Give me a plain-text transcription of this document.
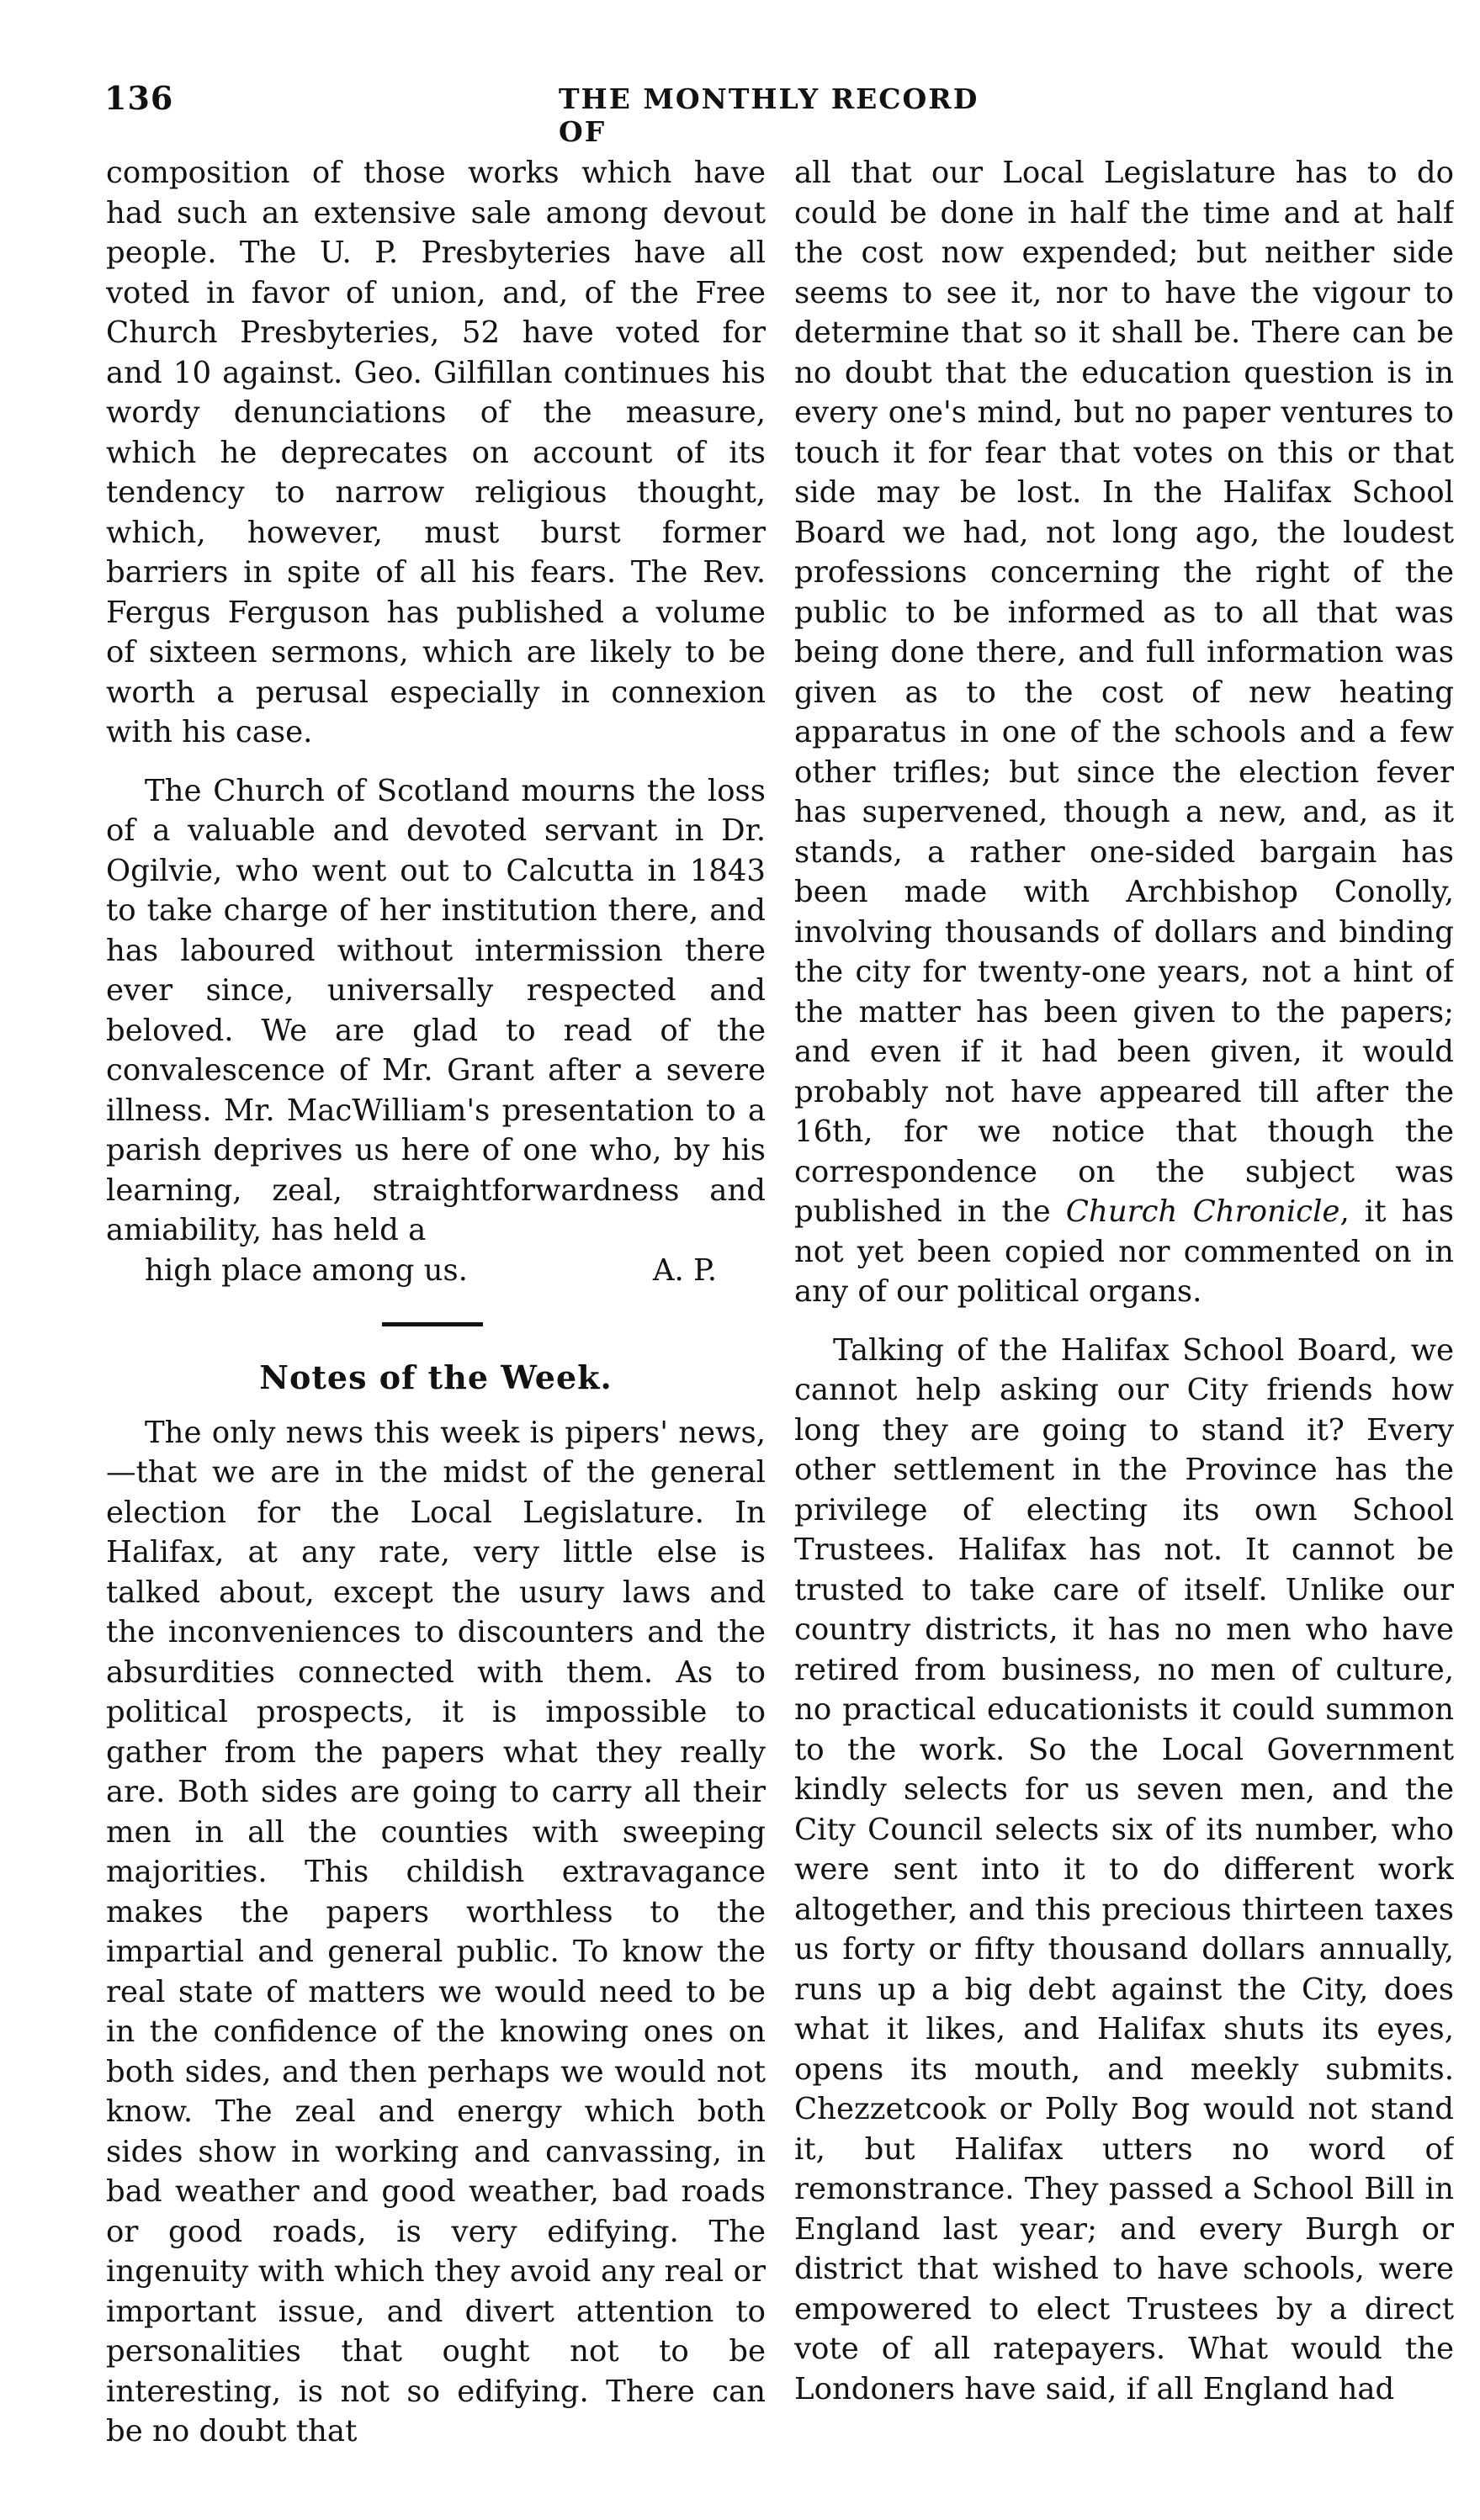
136	THE MONTHLY RECORD OF

composition of those works which have had such an extensive sale among devout people. The U. P. Presbyteries have all voted in favor of union, and, of the Free Church Presbyteries, 52 have voted for and 10 against. Geo. Gilfillan continues his wordy denunciations of the measure, which he deprecates on account of its tendency to narrow religious thought, which, however, must burst former barriers in spite of all his fears. The Rev. Fergus Ferguson has published a volume of sixteen sermons, which are likely to be worth a perusal especially in connexion with his case.

The Church of Scotland mourns the loss of a valuable and devoted servant in Dr. Ogilvie, who went out to Calcutta in 1843 to take charge of her institution there, and has laboured without intermission there ever since, universally respected and beloved. We are glad to read of the convalescence of Mr. Grant after a severe illness. Mr. MacWilliam's presentation to a parish deprives us here of one who, by his learning, zeal, straightforwardness and amiability, has held a
high place among us.	A. P.
Notes of the Week.

The only news this week is pipers' news,—that we are in the midst of the general election for the Local Legislature. In Halifax, at any rate, very little else is talked about, except the usury laws and the inconveniences to discounters and the absurdities connected with them. As to political prospects, it is impossible to gather from the papers what they really are. Both sides are going to carry all their men in all the counties with sweeping majorities. This childish extravagance makes the papers worthless to the impartial and general public. To know the real state of matters we would need to be in the confidence of the knowing ones on both sides, and then perhaps we would not know. The zeal and energy which both sides show in working and canvassing, in bad weather and good weather, bad roads or good roads, is very edifying. The ingenuity with which they avoid any real or important issue, and divert attention to personalities that ought not to be interesting, is not so edifying. There can be no doubt that

all that our Local Legislature has to do could be done in half the time and at half the cost now expended; but neither side seems to see it, nor to have the vigour to determine that so it shall be. There can be no doubt that the education question is in every one's mind, but no paper ventures to touch it for fear that votes on this or that side may be lost. In the Halifax School Board we had, not long ago, the loudest professions concerning the right of the public to be informed as to all that was being done there, and full information was given as to the cost of new heating apparatus in one of the schools and a few other trifles; but since the election fever has supervened, though a new, and, as it stands, a rather one-sided bargain has been made with Archbishop Conolly, involving thousands of dollars and binding the city for twenty-one years, not a hint of the matter has been given to the papers; and even if it had been given, it would probably not have appeared till after the 16th, for we notice that though the correspondence on the subject was published in the Church Chronicle, it has not yet been copied nor commented on in any of our political organs.

Talking of the Halifax School Board, we cannot help asking our City friends how long they are going to stand it? Every other settlement in the Province has the privilege of electing its own School Trustees. Halifax has not. It cannot be trusted to take care of itself. Unlike our country districts, it has no men who have retired from business, no men of culture, no practical educationists it could summon to the work. So the Local Government kindly selects for us seven men, and the City Council selects six of its number, who were sent into it to do different work altogether, and this precious thirteen taxes us forty or fifty thousand dollars annually, runs up a big debt against the City, does what it likes, and Halifax shuts its eyes, opens its mouth, and meekly submits. Chezzetcook or Polly Bog would not stand it, but Halifax utters no word of remonstrance. They passed a School Bill in England last year; and every Burgh or district that wished to have schools, were empowered to elect Trustees by a direct vote of all ratepayers. What would the Londoners have said, if all England had
